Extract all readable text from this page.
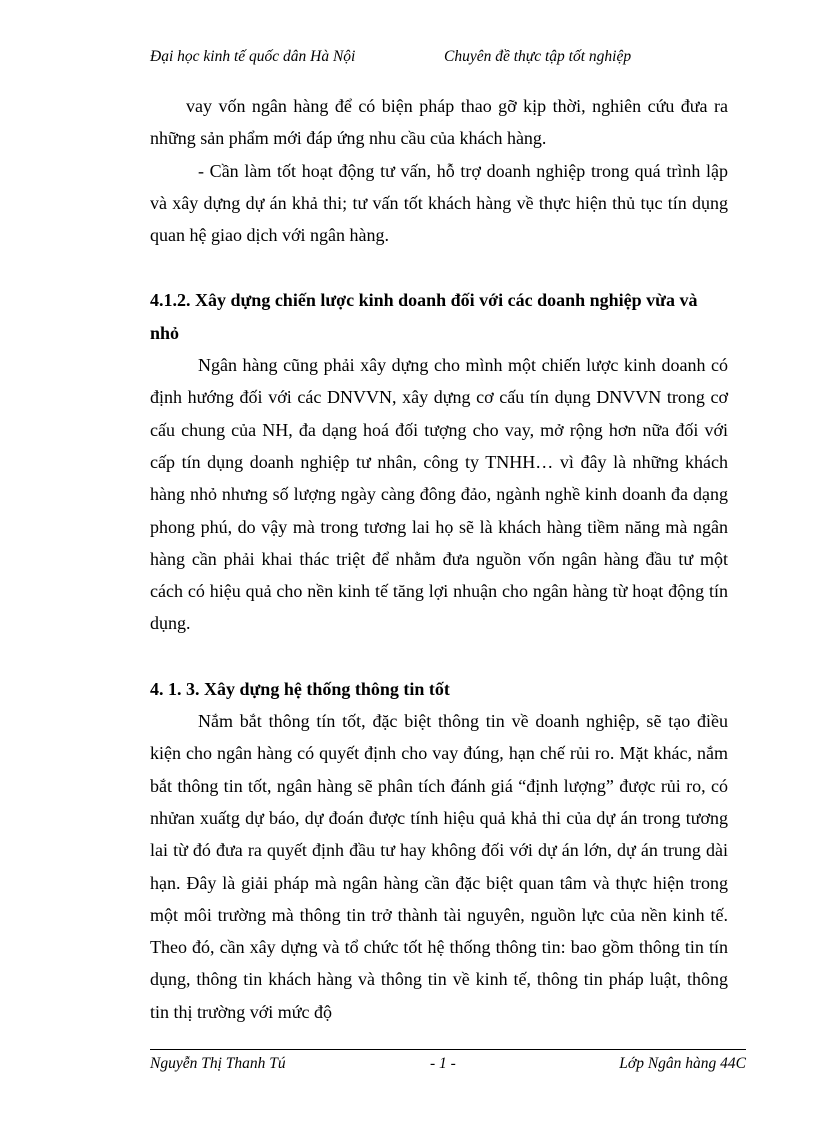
Đại học kinh tế quốc dân Hà Nội	Chuyên đề thực tập tốt nghiệp
vay vốn ngân hàng để có biện pháp thao gỡ kịp thời, nghiên cứu đưa ra những sản phẩm mới đáp ứng nhu cầu của khách hàng.
- Cần làm tốt hoạt động tư vấn, hỗ trợ doanh nghiệp trong quá trình lập và xây dựng dự án khả thi; tư vấn tốt khách hàng về thực hiện thủ tục tín dụng quan hệ giao dịch với ngân hàng.
4.1.2. Xây dựng chiến lược kinh doanh đối với các doanh nghiệp vừa và nhỏ
Ngân hàng cũng phải xây dựng cho mình một chiến lược kinh doanh có định hướng đối với các DNVVN, xây dựng cơ cấu tín dụng DNVVN trong cơ cấu chung của NH, đa dạng hoá đối tượng cho vay, mở rộng hơn nữa đối với cấp tín dụng doanh nghiệp tư nhân, công ty TNHH… vì đây là những khách hàng nhỏ nhưng số lượng ngày càng đông đảo, ngành nghề kinh doanh đa dạng phong phú, do vậy mà trong tương lai họ sẽ là khách hàng tiềm năng mà ngân hàng cần phải khai thác triệt để nhằm đưa nguồn vốn ngân hàng đầu tư một cách có hiệu quả cho nền kinh tế tăng lợi nhuận cho ngân hàng từ hoạt động tín dụng.
4. 1. 3. Xây dựng hệ thống thông tin tốt
Nắm bắt thông tín tốt, đặc biệt thông tin về doanh nghiệp, sẽ tạo điều kiện cho ngân hàng có quyết định cho vay đúng, hạn chế rủi ro. Mặt khác, nắm bắt thông tin tốt, ngân hàng sẽ phân tích đánh giá “định lượng” được rủi ro, có nhửan xuấtg dự báo, dự đoán được tính hiệu quả khả thi của dự án trong tương lai từ đó đưa ra quyết định đầu tư hay không đối với dự án lớn, dự án trung dài hạn. Đây là giải pháp mà ngân hàng cần đặc biệt quan tâm và thực hiện trong một môi trường mà thông tin trở thành tài nguyên, nguồn lực của nền kinh tế. Theo đó, cần xây dựng và tổ chức tốt hệ thống thông tin: bao gồm thông tin tín dụng, thông tin khách hàng và thông tin về kinh tế, thông tin pháp luật, thông tin thị trường với mức độ
Nguyễn Thị Thanh Tú	- 1 -	Lớp Ngân hàng 44C
